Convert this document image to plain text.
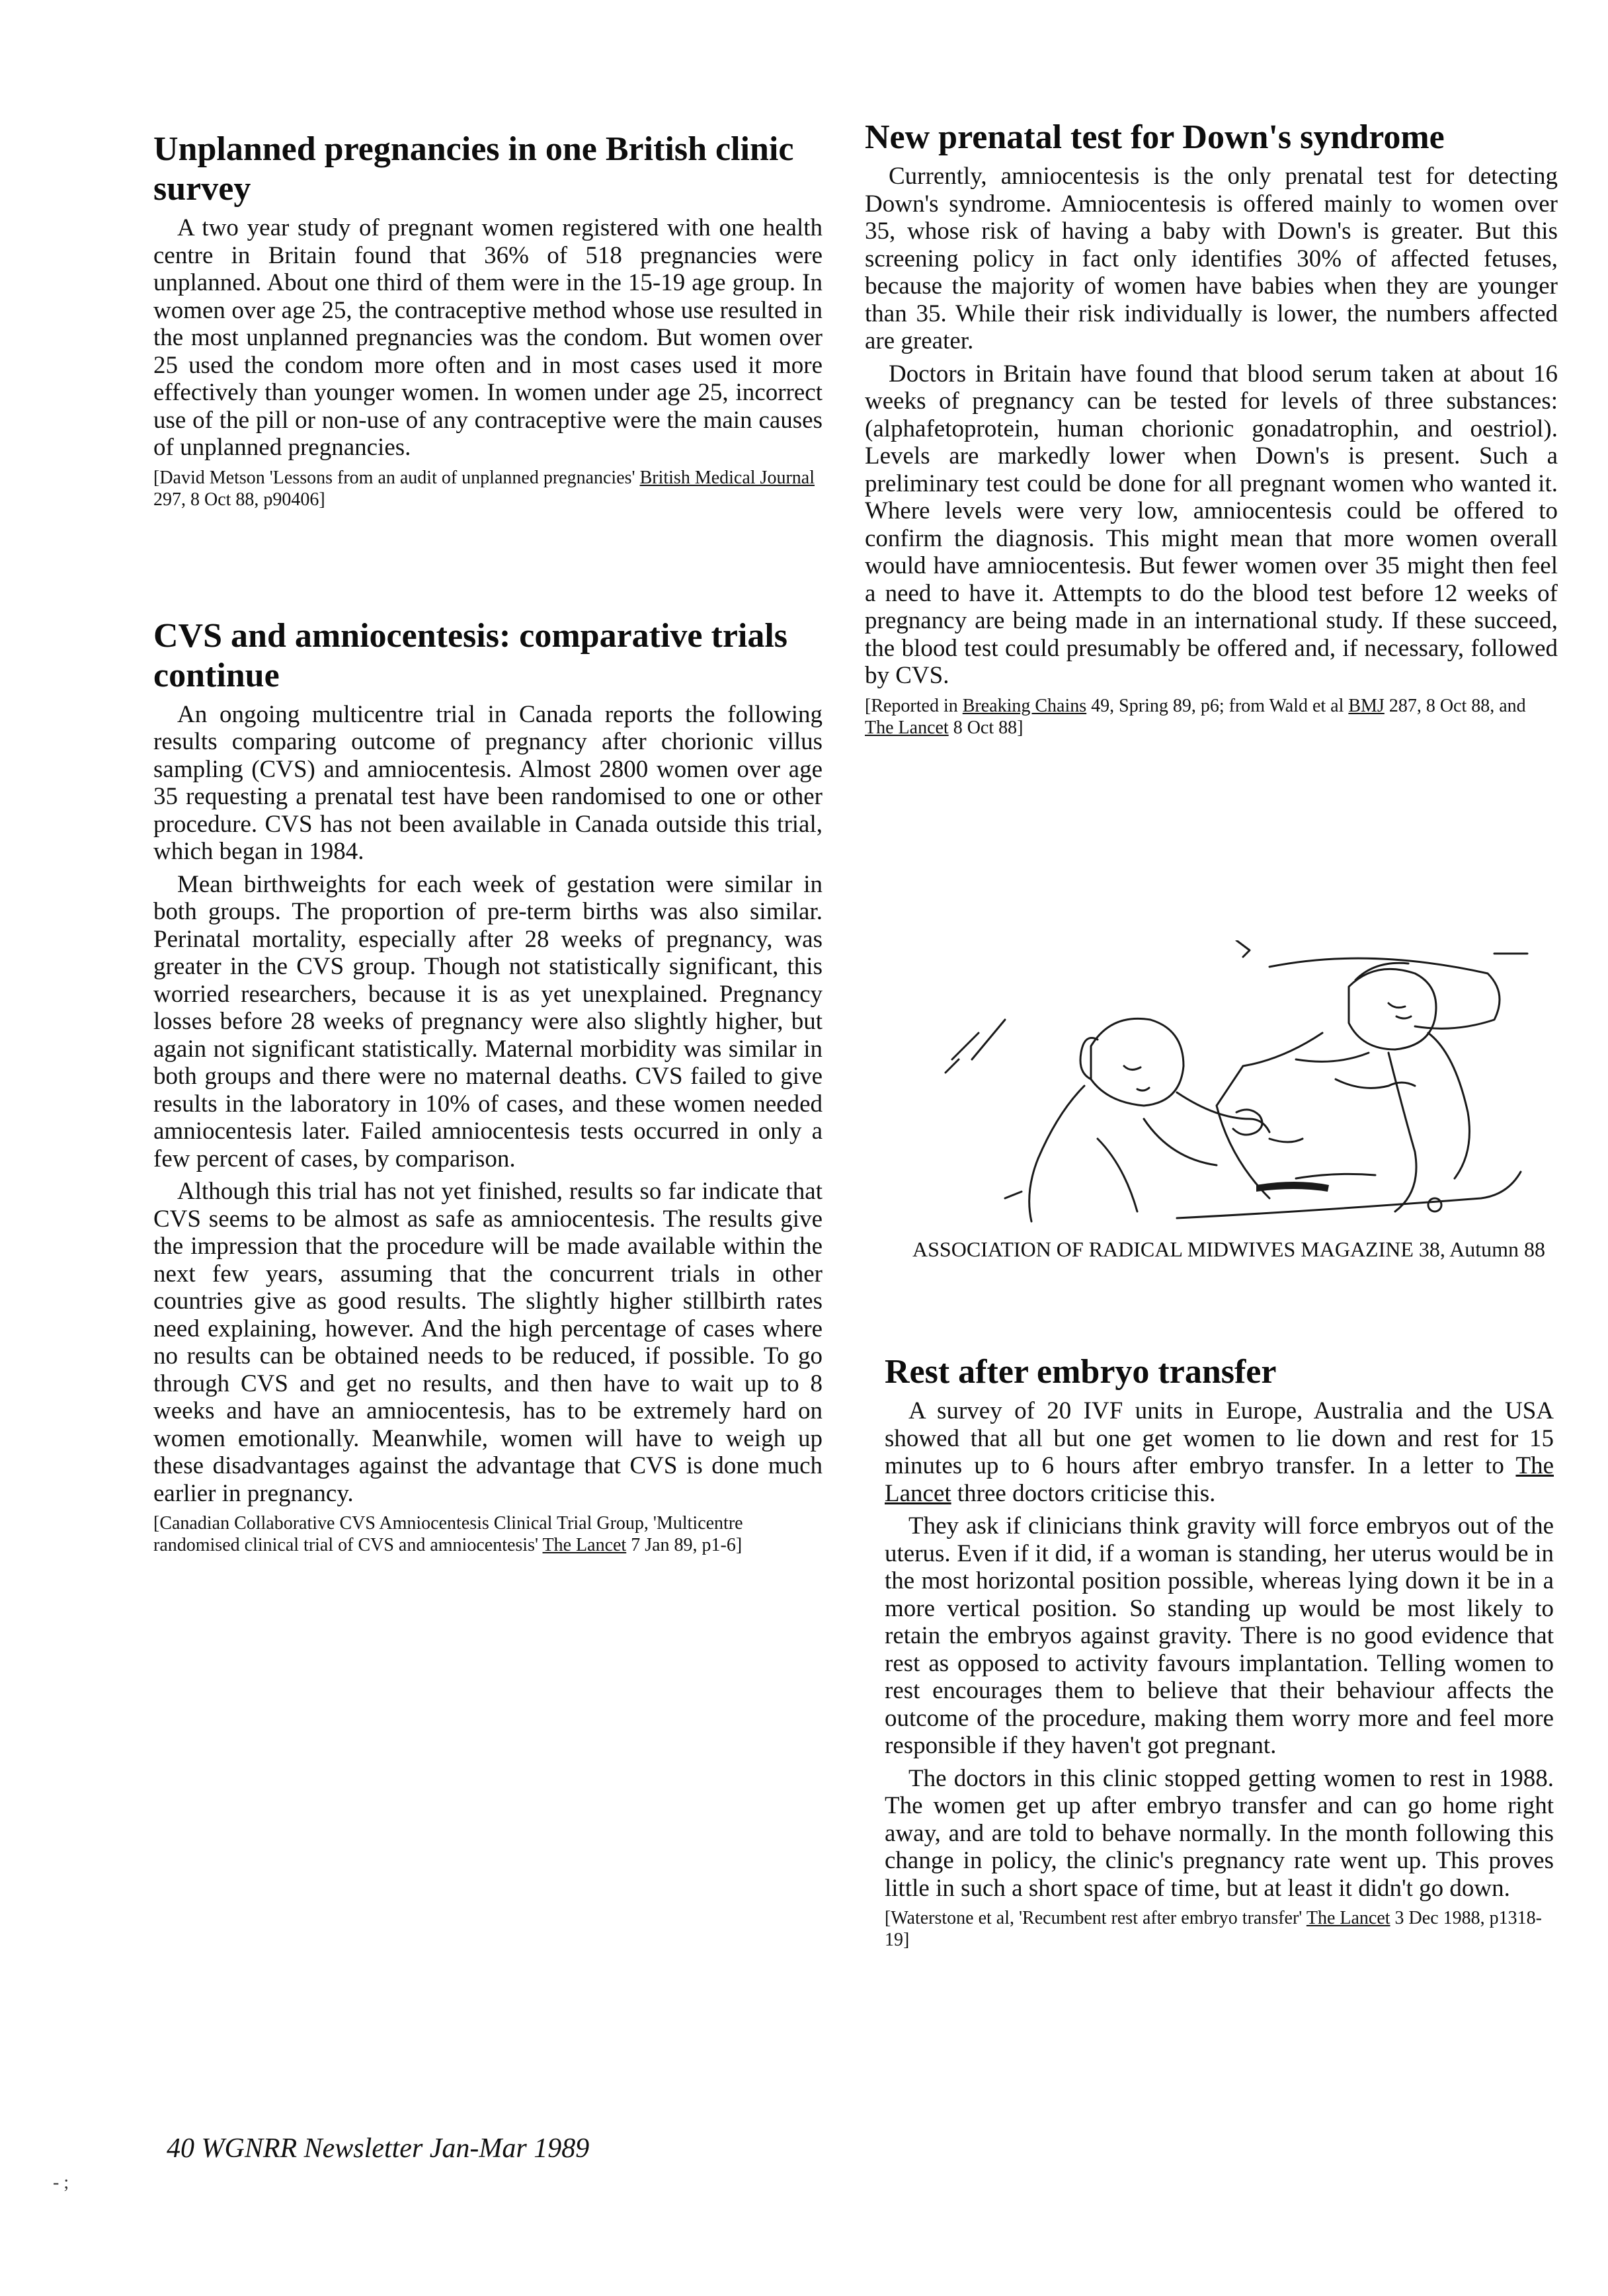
Unplanned pregnancies in one British clinic survey

A two year study of pregnant women registered with one health centre in Britain found that 36% of 518 pregnancies were unplanned. About one third of them were in the 15-19 age group. In women over age 25, the contraceptive method whose use resulted in the most unplanned pregnancies was the condom. But women over 25 used the condom more often and in most cases used it more effectively than younger women. In women under age 25, incorrect use of the pill or non-use of any contraceptive were the main causes of unplanned pregnancies.

[David Metson 'Lessons from an audit of unplanned pregnancies' British Medical Journal 297, 8 Oct 88, p90406]

CVS and amniocentesis: comparative trials continue

An ongoing multicentre trial in Canada reports the following results comparing outcome of pregnancy after chorionic villus sampling (CVS) and amniocentesis. Almost 2800 women over age 35 requesting a prenatal test have been randomised to one or other procedure. CVS has not been available in Canada outside this trial, which began in 1984.

Mean birthweights for each week of gestation were similar in both groups. The proportion of pre-term births was also similar. Perinatal mortality, especially after 28 weeks of pregnancy, was greater in the CVS group. Though not statistically significant, this worried researchers, because it is as yet unexplained. Pregnancy losses before 28 weeks of pregnancy were also slightly higher, but again not significant statistically. Maternal morbidity was similar in both groups and there were no maternal deaths. CVS failed to give results in the laboratory in 10% of cases, and these women needed amniocentesis later. Failed amniocentesis tests occurred in only a few percent of cases, by comparison.

Although this trial has not yet finished, results so far indicate that CVS seems to be almost as safe as amniocentesis. The results give the impression that the procedure will be made available within the next few years, assuming that the concurrent trials in other countries give as good results. The slightly higher stillbirth rates need explaining, however. And the high percentage of cases where no results can be obtained needs to be reduced, if possible. To go through CVS and get no results, and then have to wait up to 8 weeks and have an amniocentesis, has to be extremely hard on women emotionally. Meanwhile, women will have to weigh up these disadvantages against the advantage that CVS is done much earlier in pregnancy.

[Canadian Collaborative CVS Amniocentesis Clinical Trial Group, 'Multicentre randomised clinical trial of CVS and amniocentesis' The Lancet 7 Jan 89, p1-6]

New prenatal test for Down's syndrome

Currently, amniocentesis is the only prenatal test for detecting Down's syndrome. Amniocentesis is offered mainly to women over 35, whose risk of having a baby with Down's is greater. But this screening policy in fact only identifies 30% of affected fetuses, because the majority of women have babies when they are younger than 35. While their risk individually is lower, the numbers affected are greater.

Doctors in Britain have found that blood serum taken at about 16 weeks of pregnancy can be tested for levels of three substances: (alphafetoprotein, human chorionic gonadatrophin, and oestriol). Levels are markedly lower when Down's is present. Such a preliminary test could be done for all pregnant women who wanted it. Where levels were very low, amniocentesis could be offered to confirm the diagnosis. This might mean that more women overall would have amniocentesis. But fewer women over 35 might then feel a need to have it. Attempts to do the blood test before 12 weeks of pregnancy are being made in an international study. If these succeed, the blood test could presumably be offered and, if necessary, followed by CVS.

[Reported in Breaking Chains 49, Spring 89, p6; from Wald et al BMJ 287, 8 Oct 88, and The Lancet 8 Oct 88]

ASSOCIATION OF RADICAL MIDWIVES MAGAZINE 38, Autumn 88
Rest after embryo transfer

A survey of 20 IVF units in Europe, Australia and the USA showed that all but one get women to lie down and rest for 15 minutes up to 6 hours after embryo transfer. In a letter to The Lancet three doctors criticise this.

They ask if clinicians think gravity will force embryos out of the uterus. Even if it did, if a woman is standing, her uterus would be in the most horizontal position possible, whereas lying down it be in a more vertical position. So standing up would be most likely to retain the embryos against gravity. There is no good evidence that rest as opposed to activity favours implantation. Telling women to rest encourages them to believe that their behaviour affects the outcome of the procedure, making them worry more and feel more responsible if they haven't got pregnant.

The doctors in this clinic stopped getting women to rest in 1988. The women get up after embryo transfer and can go home right away, and are told to behave normally. In the month following this change in policy, the clinic's pregnancy rate went up. This proves little in such a short space of time, but at least it didn't go down.

[Waterstone et al, 'Recumbent rest after embryo transfer' The Lancet 3 Dec 1988, p1318-19]

40 WGNRR Newsletter Jan-Mar 1989
- ;
